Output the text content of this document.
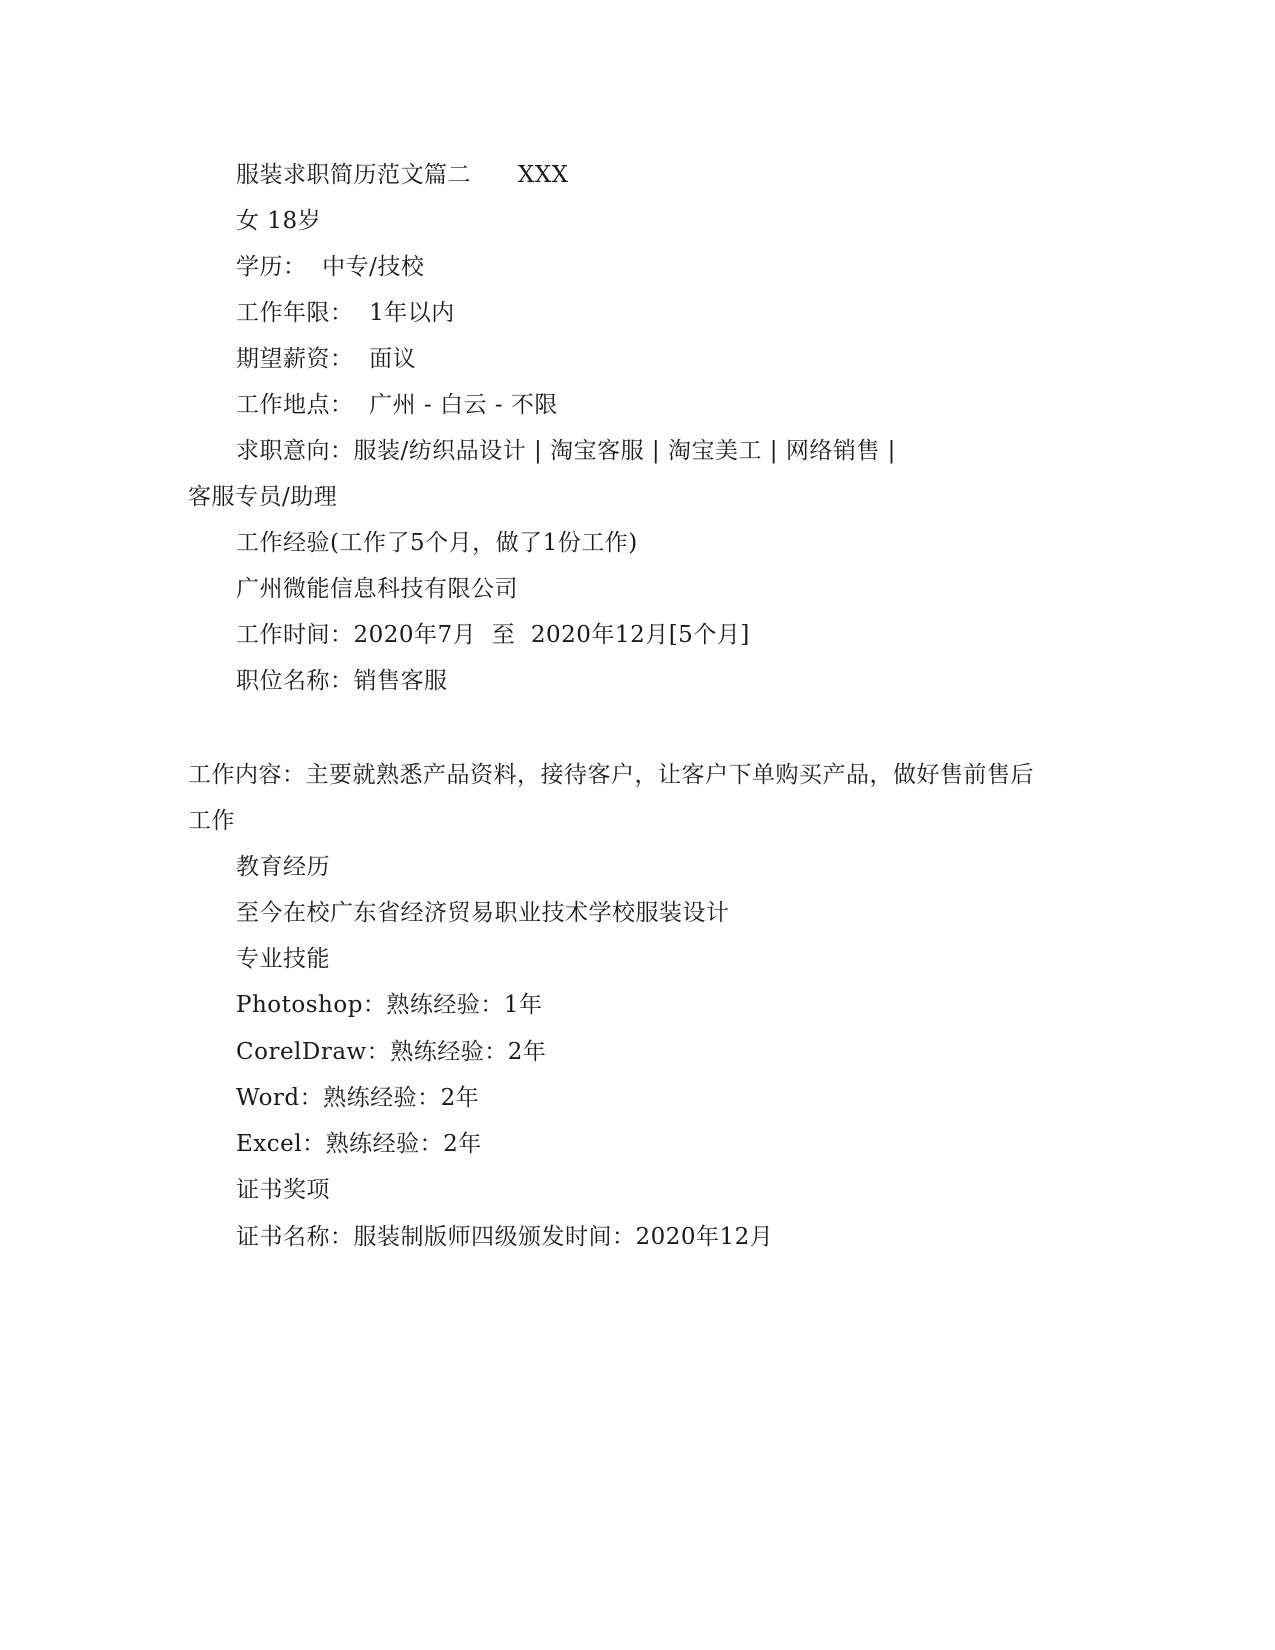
服装求职简历范文篇二      XXX
女 18岁
学历：  中专/技校
工作年限：  1年以内
期望薪资：  面议
工作地点：  广州 - 白云 - 不限
求职意向：服装/纺织品设计 | 淘宝客服 | 淘宝美工 | 网络销售 |
客服专员/助理
工作经验(工作了5个月，做了1份工作)
广州微能信息科技有限公司
工作时间：2020年7月  至  2020年12月[5个月]
职位名称：销售客服
工作内容：主要就熟悉产品资料，接待客户，让客户下单购买产品，做好售前售后
工作
教育经历
至今在校广东省经济贸易职业技术学校服装设计
专业技能
Photoshop：熟练经验：1年
CorelDraw：熟练经验：2年
Word：熟练经验：2年
Excel：熟练经验：2年
证书奖项
证书名称：服装制版师四级颁发时间：2020年12月
